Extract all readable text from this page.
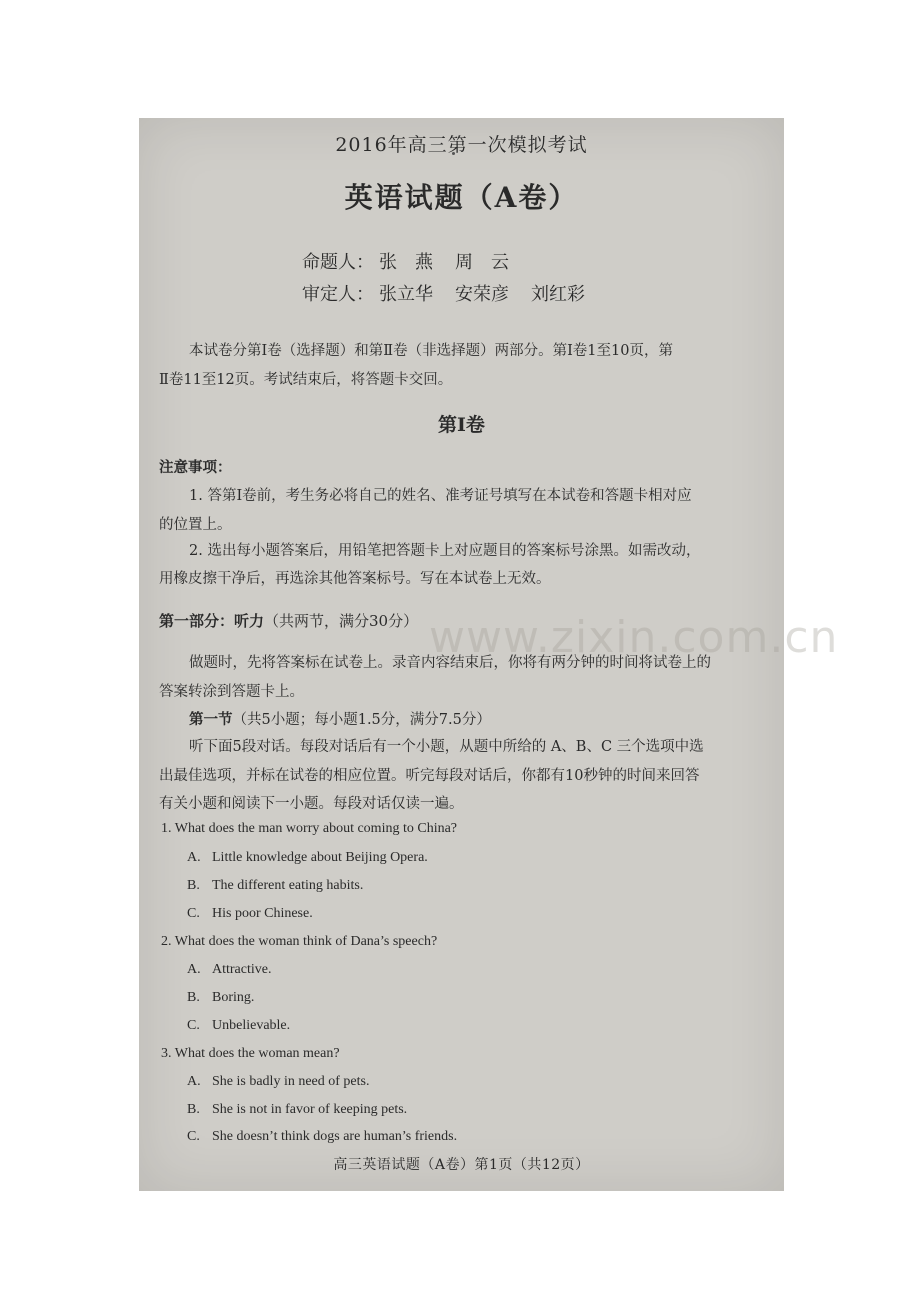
2016年高三第一次模拟考试
英语试题（A卷）
命题人： 张　燕 周　云
审定人： 张立华 安荣彦 刘红彩
本试卷分第Ⅰ卷（选择题）和第Ⅱ卷（非选择题）两部分。第Ⅰ卷1至10页，第
Ⅱ卷11至12页。考试结束后，将答题卡交回。
第Ⅰ卷
注意事项：
1. 答第Ⅰ卷前，考生务必将自己的姓名、准考证号填写在本试卷和答题卡相对应
的位置上。
2. 选出每小题答案后，用铅笔把答题卡上对应题目的答案标号涂黑。如需改动，
用橡皮擦干净后，再选涂其他答案标号。写在本试卷上无效。
第一部分：听力（共两节，满分30分） www.zixin.com.cn
做题时，先将答案标在试卷上。录音内容结束后，你将有两分钟的时间将试卷上的
答案转涂到答题卡上。
第一节（共5小题；每小题1.5分，满分7.5分）
听下面5段对话。每段对话后有一个小题，从题中所给的 A、B、C 三个选项中选
出最佳选项，并标在试卷的相应位置。听完每段对话后，你都有10秒钟的时间来回答
有关小题和阅读下一小题。每段对话仅读一遍。
1. What does the man worry about coming to China?
A. Little knowledge about Beijing Opera.
B. The different eating habits.
C. His poor Chinese.
2. What does the woman think of Dana’s speech?
A. Attractive.
B. Boring.
C. Unbelievable.
3. What does the woman mean?
A. She is badly in need of pets.
B. She is not in favor of keeping pets.
C. She doesn’t think dogs are human’s friends.
高三英语试题（A卷）第1页（共12页）
